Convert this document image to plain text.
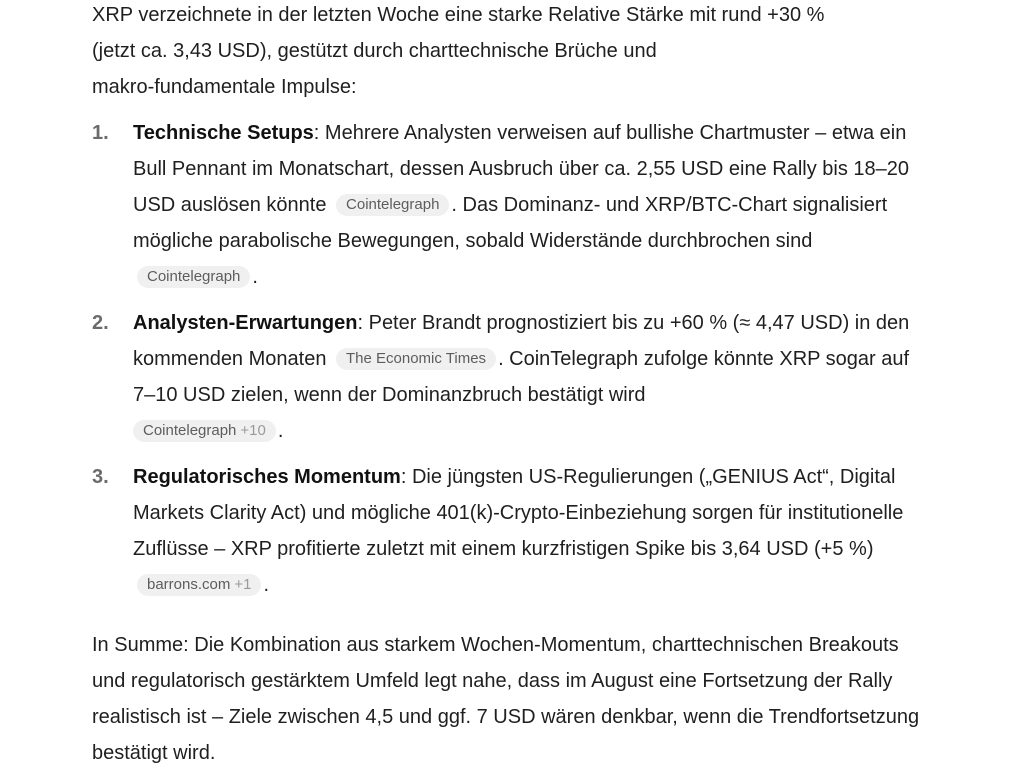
XRP verzeichnete in der letzten Woche eine starke Relative Stärke mit rund +30 %

(jetzt ca. 3,43 USD), gestützt durch charttechnische Brüche und

makro-fundamentale Impulse:

1. Technische Setups: Mehrere Analysten verweisen auf bullishe Chartmuster – etwa ein Bull Pennant im Monatschart, dessen Ausbruch über ca. 2,55 USD eine Rally bis 18–20 USD auslösen könnte Cointelegraph . Das Dominanz- und XRP/BTC-Chart signalisiert mögliche parabolische Bewegungen, sobald Widerstände durchbrochen sind Cointelegraph .
2. Analysten-Erwartungen: Peter Brandt prognostiziert bis zu +60 % (≈ 4,47 USD) in den kommenden Monaten The Economic Times . CoinTelegraph zufolge könnte XRP sogar auf 7–10 USD zielen, wenn der Dominanzbruch bestätigt wird
Cointelegraph +10 .
3. Regulatorisches Momentum: Die jüngsten US-Regulierungen („GENIUS Act“, Digital Markets Clarity Act) und mögliche 401(k)-Crypto-Einbeziehung sorgen für institutionelle Zuflüsse – XRP profitierte zuletzt mit einem kurzfristigen Spike bis 3,64 USD (+5 %) barrons.com +1 .

In Summe: Die Kombination aus starkem Wochen-Momentum, charttechnischen Breakouts und regulatorisch gestärktem Umfeld legt nahe, dass im August eine Fortsetzung der Rally realistisch ist – Ziele zwischen 4,5 und ggf. 7 USD wären denkbar, wenn die Trendfortsetzung bestätigt wird.
